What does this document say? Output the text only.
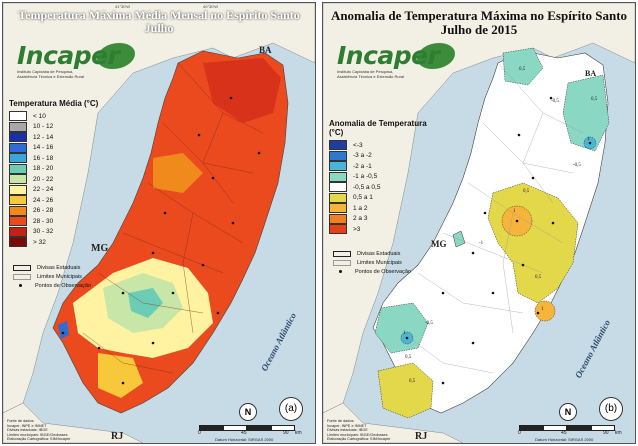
Temperatura Máxima Média Mensal no Espírito Santo
Julho
Incaper
Instituto Capixaba de Pesquisa, Assistência Técnica e Extensão Rural
Temperatura Média (°C)
< 10
10 - 12
12 - 14
14 - 16
16 - 18
18 - 20
20 - 22
22 - 24
24 - 26
26 - 28
28 - 30
30 - 32
> 32
Divisas Estaduais
Limites Municipais
Pontos de Observação
BA
MG
RJ
Oceano Atlântico
41°30'W	40°30'W
(a)
N
0	45	90 km
Datum Horizontal: SIRGAS 2000
Fonte de dados:
Incaper, INPE e INMET
Divisas estaduais: IBGE
Limites municipais: IBGE/Geobases
Elaboração Cartográfica: SIM/Incaper
Anomalia de Temperatura Máxima no Espírito Santo
Julho de 2015
Incaper
Instituto Capixaba de Pesquisa, Assistência Técnica e Extensão Rural
Anomalia de Temperatura (°C)
<-3
-3 a -2
-2 a -1
-1 a -0,5
-0,5 a 0,5
0,5 a 1
1 a 2
2 a 3
>3
Divisas Estaduais
Limites Municipais
Pontos de Observação
BA
MG
RJ
Oceano Atlântico
0,5
-0,5	0,5
-0,5
1
1
1
0,5
0,5
-0,5
0,5
0,5
1
-1
(b)
N
0	45	90 km
Datum Horizontal: SIRGAS 2000
Fonte de dados:
Incaper, INPE e INMET
Divisas estaduais: IBGE
Limites municipais: IBGE/Geobases
Elaboração Cartográfica: SIM/Incaper
